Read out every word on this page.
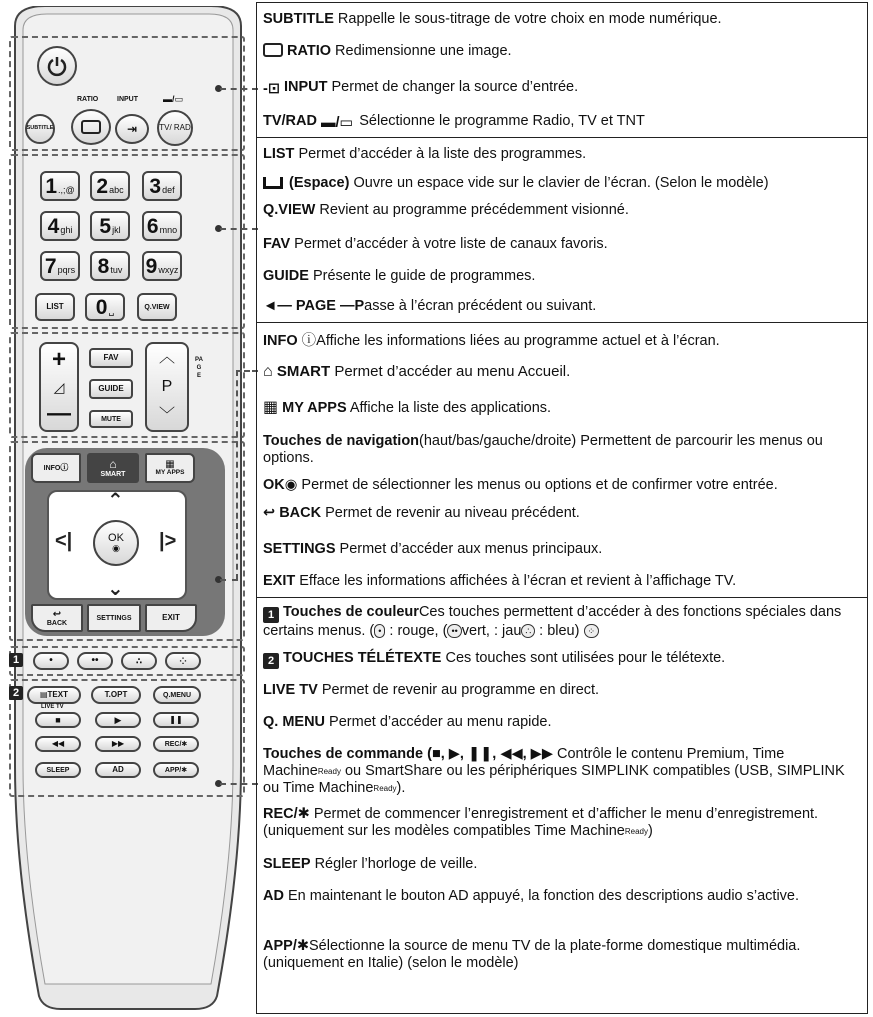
RATIO	INPUT	▬/▭
SUBTITLE	⇥	TV/ RAD
1 .,;@ 2 abc 3 def
4 ghi 5 jkl 6 mno
7 pqrs 8 tuv 9 wxyz
LIST	0 ␣	Q.VIEW
+
◿
—
FAV
GUIDE
MUTE
︿
P
﹀
PAGE
INFO ⓘ	⌂
SMART
▦
MY APPS
⌃
⌄
<|	|>
OK
◉
↩
BACK
SETTINGS	EXIT
1	•	••	∴	⁘
2	▤ TEXT	T.OPT	Q.MENU
LIVE TV
■	▶	❚❚
◀◀	▶▶	REC/✱
SLEEP	AD	APP/✱
SUBTITLE Rappelle le sous-titrage de votre choix en mode numérique.
RATIO Redimensionne une image.
-⊡ INPUT Permet de changer la source d’entrée.
TV/RAD ▬/▭ Sélectionne le programme Radio, TV et TNT
LIST Permet d’accéder à la liste des programmes.
(Espace) Ouvre un espace vide sur le clavier de l’écran. (Selon le modèle)
Q.VIEW Revient au programme précédemment visionné.
FAV Permet d’accéder à votre liste de canaux favoris.
GUIDE Présente le guide de programmes.
◄— PAGE —Passe à l’écran précédent ou suivant.
INFO ⓘAffiche les informations liées au programme actuel et à l’écran.
⌂ SMART Permet d’accéder au menu Accueil.
▦ MY APPS Affiche la liste des applications.
Touches de navigation(haut/bas/gauche/droite) Permettent de parcourir les menus ou options.
OK◉ Permet de sélectionner les menus ou options et de confirmer votre entrée.
↩ BACK Permet de revenir au niveau précédent.
SETTINGS Permet d’accéder aux menus principaux.
EXIT Efface les informations affichées à l’écran et revient à l’affichage TV.
1 Touches de couleurCes touches permettent d’accéder à des fonctions spéciales dans certains menus. ( • : rouge, ( •• vert, : jau ∴ : bleu) ⁘
2 TOUCHES TÉLÉTEXTE Ces touches sont utilisées pour le télétexte.
LIVE TV Permet de revenir au programme en direct.
Q. MENU Permet d’accéder au menu rapide.
Touches de commande (■, ▶, ❚❚, ◀◀, ▶▶ Contrôle le contenu Premium, Time Machine$^{Ready}$ ou SmartShare ou les périphériques SIMPLINK compatibles (USB, SIMPLINK ou Time Machine$^{Ready}$).
REC/✱ Permet de commencer l’enregistrement et d’afficher le menu d’enregistrement.(uniquement sur les modèles compatibles Time Machine$^{Ready}$)
SLEEP Régler l’horloge de veille.
AD En maintenant le bouton AD appuyé, la fonction des descriptions audio s’active.
APP/✱Sélectionne la source de menu TV de la plate-forme domestique multimédia. (uniquement en Italie) (selon le modèle)
